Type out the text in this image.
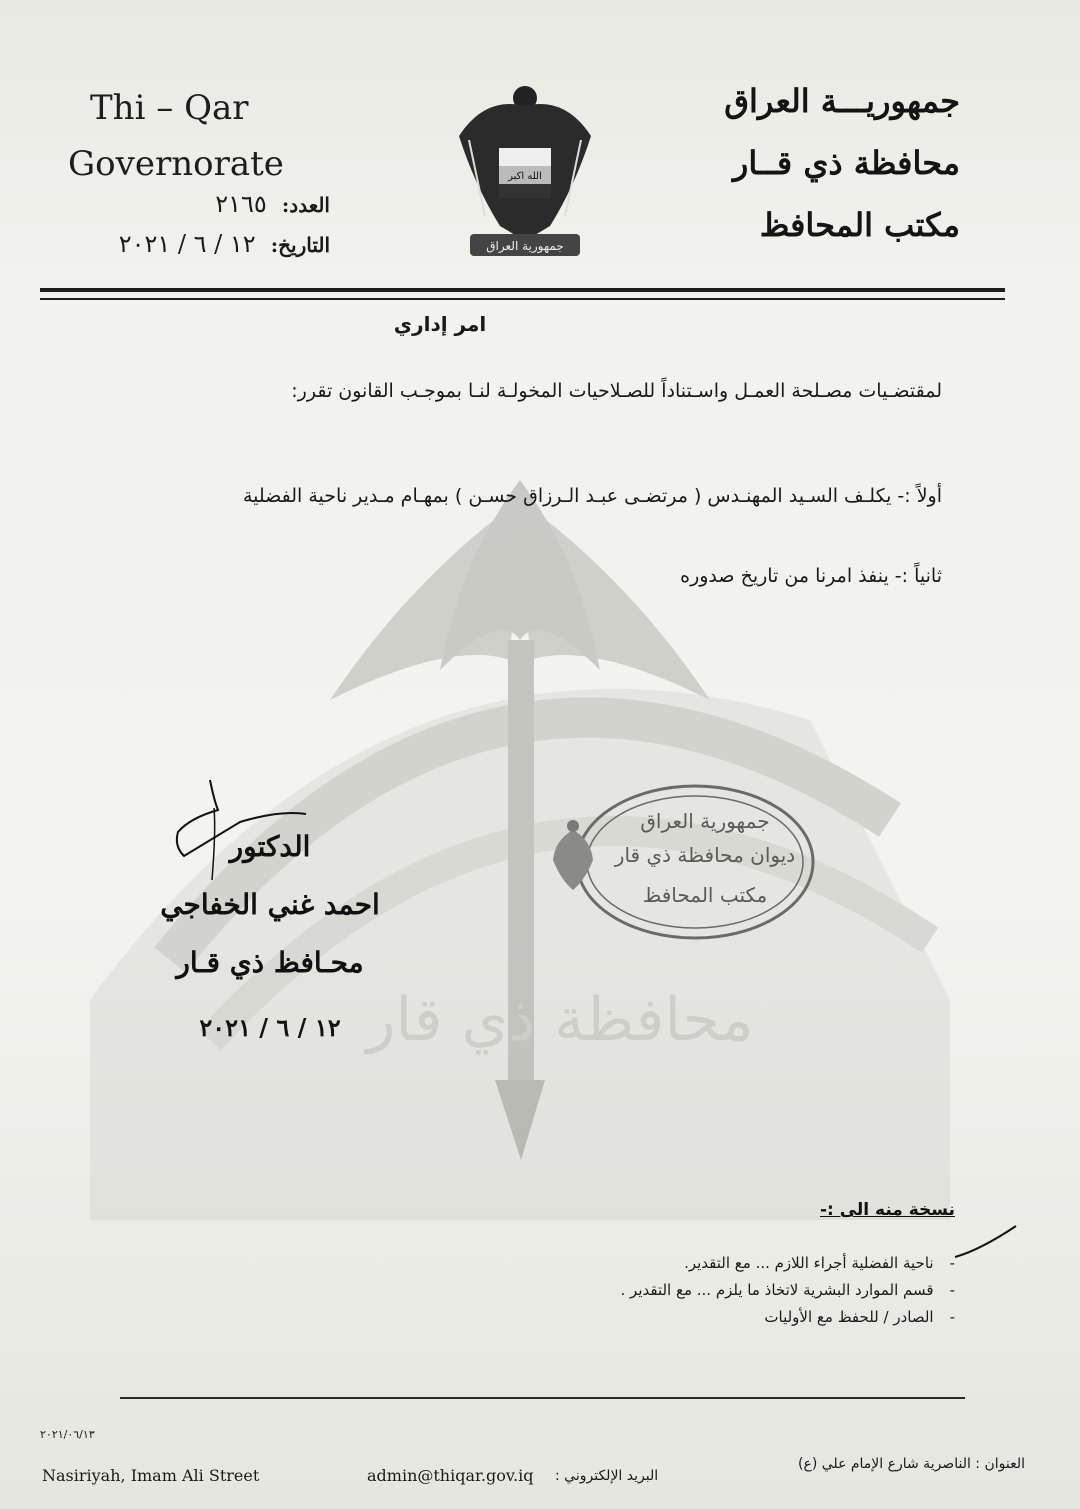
محافظة ذي قار
Thi – Qar
Governorate	الله اكبر
جمهورية العراق
جمهوريـــة العراق
محافظة ذي قــار
مكتب المحافظ
العدد: ٢١٦٥
التاريخ: ١٢ / ٦ / ٢٠٢١
امر إداري
لمقتضـيات مصـلحة العمـل واسـتناداً للصـلاحيات المخولـة لنـا بموجـب القانون تقرر:
أولاً :- يكلـف السـيد المهنـدس ( مرتضـى عبـد الـرزاق حسـن ) بمهـام مـدير ناحية الفضلية
ثانياً :- ينفذ امرنا من تاريخ صدوره
جمهورية العراق
ديوان محافظة ذي قار
مكتب المحافظ
الدكتور
احمد غني الخفاجي
محـافظ ذي قـار
١٢ / ٦ / ٢٠٢١
نسخة منه الى :-
- ناحية الفضلية أجراء اللازم ... مع التقدير.
- قسم الموارد البشرية لاتخاذ ما يلزم ... مع التقدير .
- الصادر / للحفظ مع الأوليات
٢٠٢١/٠٦/١٣
Nasiriyah, Imam Ali Street	admin@thiqar.gov.iq البريد الإلكتروني :
العنوان : الناصرية شارع الإمام علي (ع)
